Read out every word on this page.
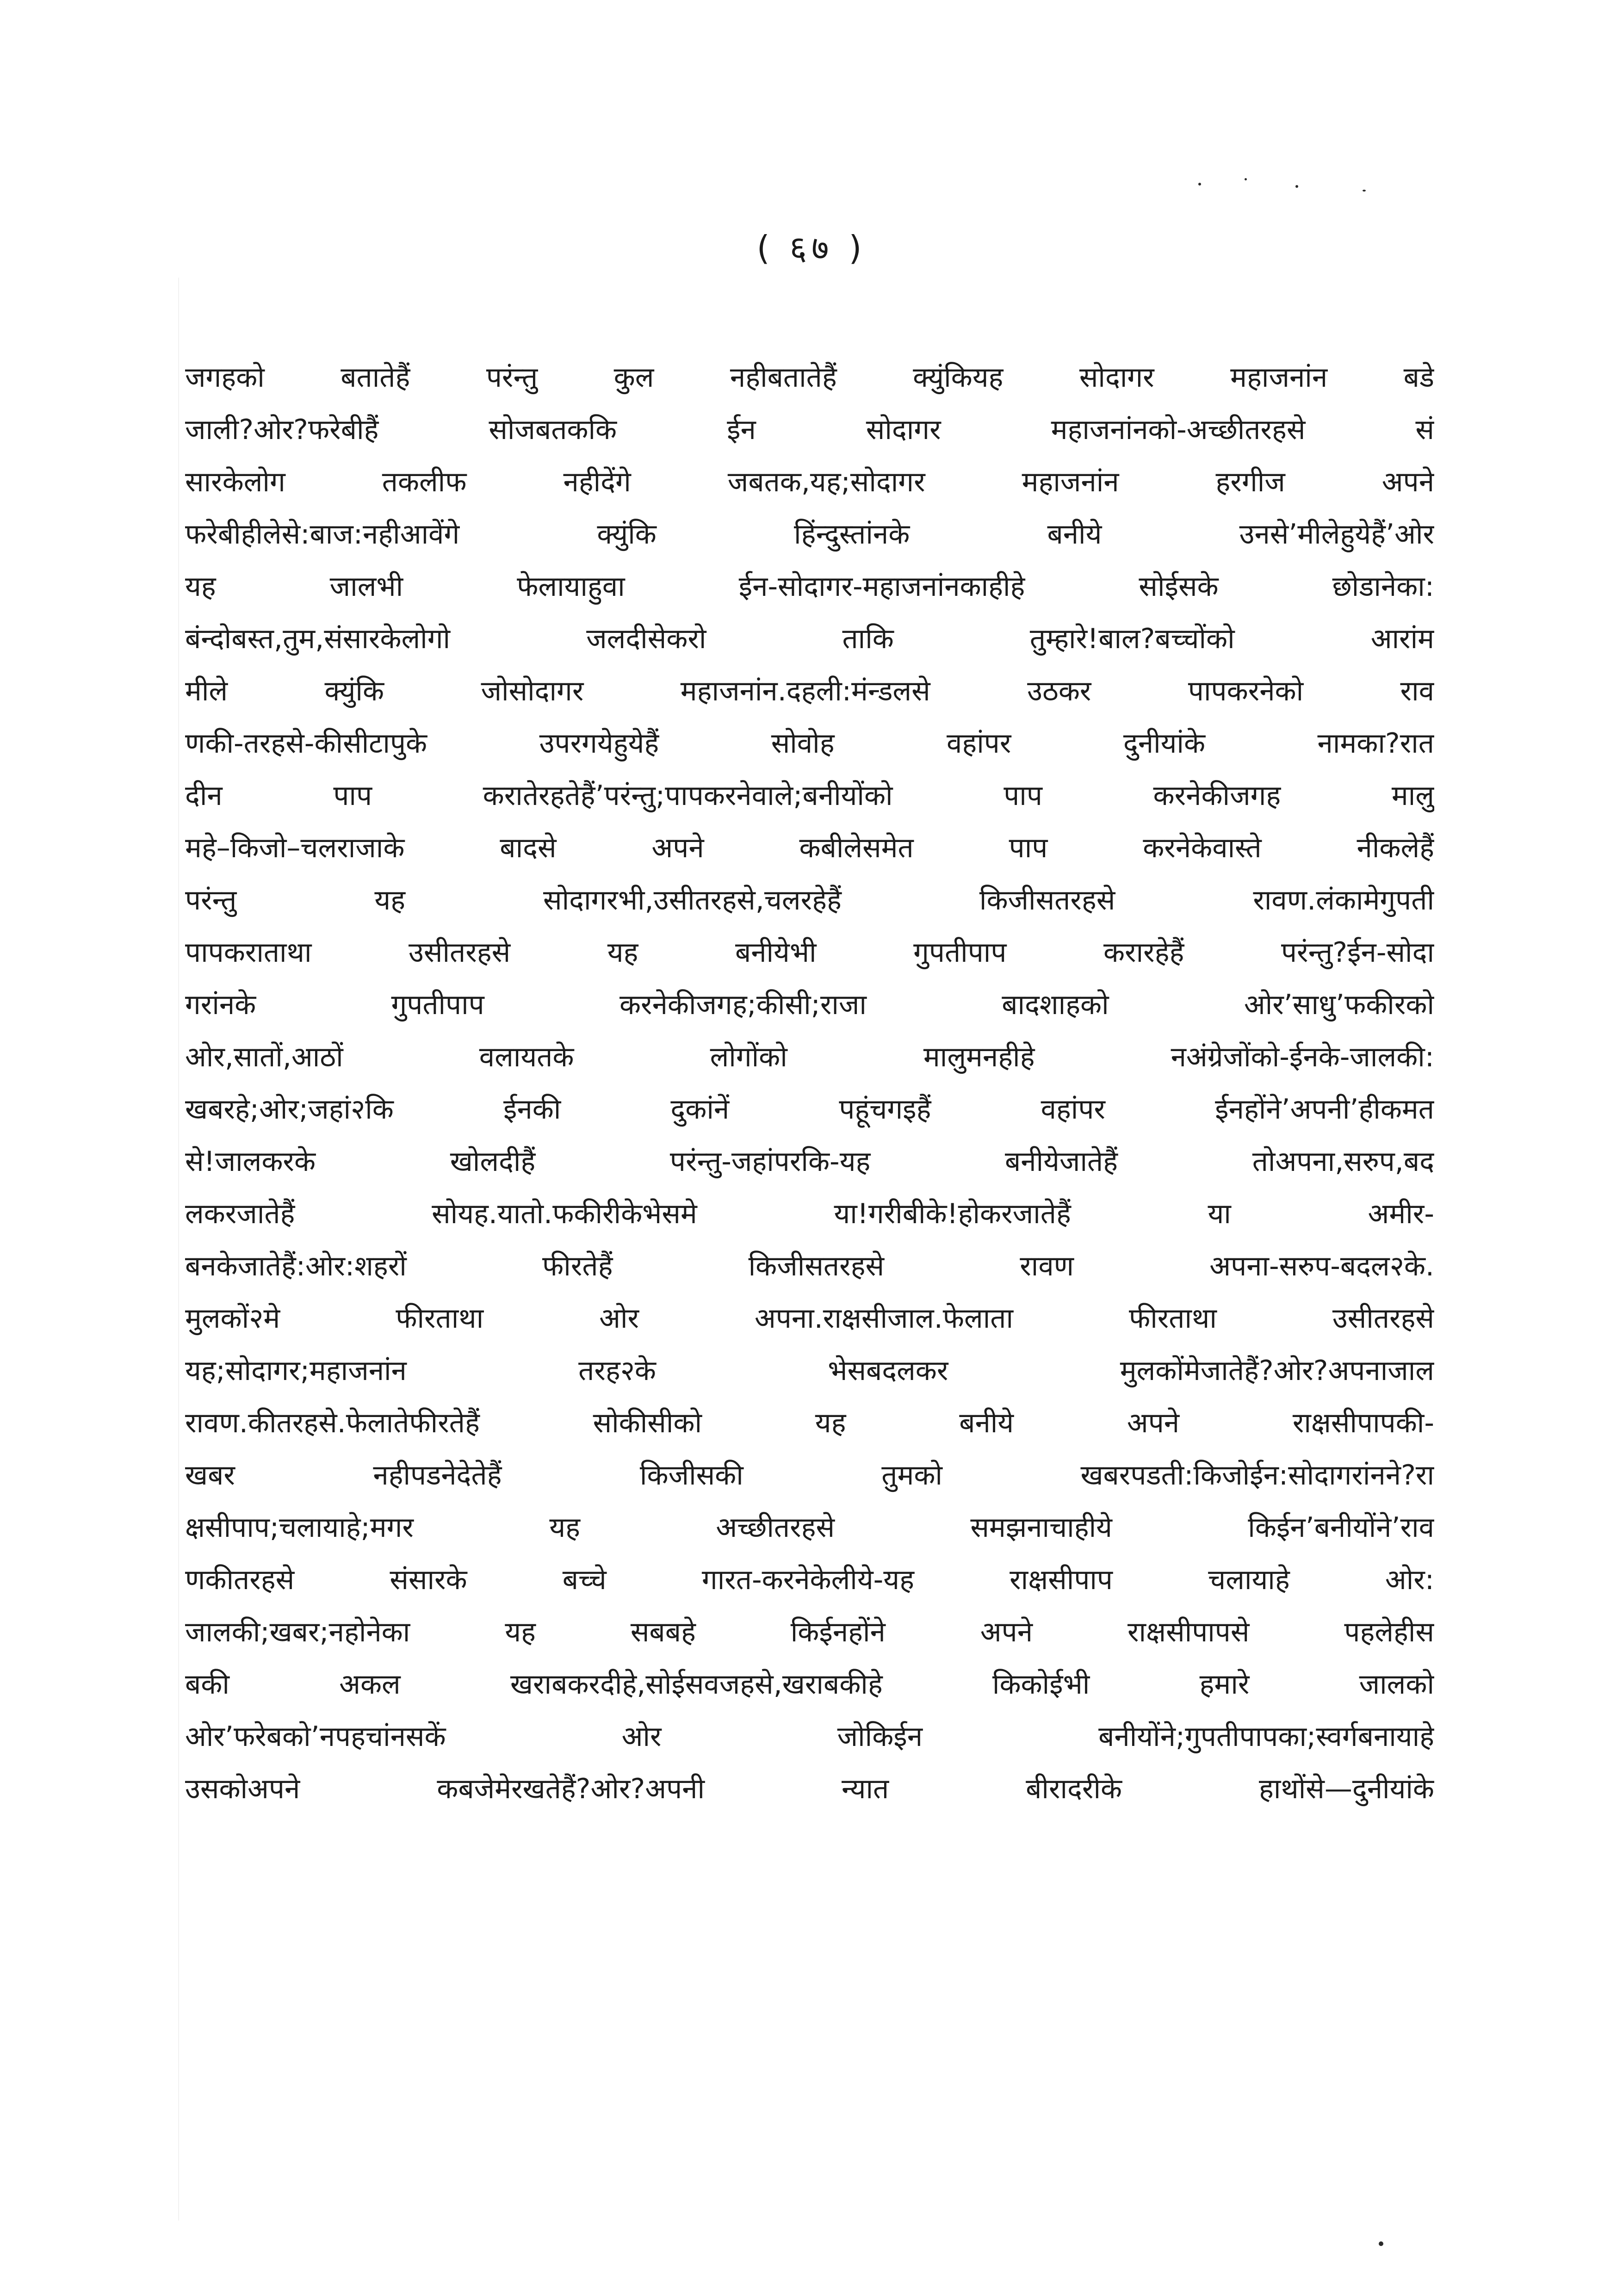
( ६७ )
जगहको बतातेहैं परंन्तु कुल नहीबतातेहैं क्युंकियह सोदागर महाजनांन बडे
जाली?ओर?फरेबीहैं सोजबतककि ईन सोदागर महाजनांनको-अच्छीतरहसे सं
सारकेलोग तकलीफ नहीदेंगे जबतक,यह;सोदागर महाजनांन हरगीज अपने
फरेबीहीलेसे:बाज:नहीआवेंगे क्युंकि हिंन्दुस्तांनके बनीये उनसे’मीलेहुयेहैं’ओर
यह जालभी फेलायाहुवा ईन-सोदागर-महाजनांनकाहीहे सोईसके छोडानेका:
बंन्दोबस्त,तुम,संसारकेलोगो जलदीसेकरो ताकि तुम्हारे!बाल?बच्चोंको आरांम
मीले क्युंकि जोसोदागर महाजनांन.दहली:मंन्डलसे उठकर पापकरनेको राव
णकी-तरहसे-कीसीटापुके उपरगयेहुयेहैं सोवोह वहांपर दुनीयांके नामका?रात
दीन पाप करातेरहतेहैं’परंन्तु;पापकरनेवाले;बनीयोंको पाप करनेकीजगह मालु
महे–किजो–चलराजाके बादसे अपने कबीलेसमेत पाप करनेकेवास्ते नीकलेहैं
परंन्तु यह सोदागरभी,उसीतरहसे,चलरहेहैं किजीसतरहसे रावण.लंकामेगुपती
पापकराताथा उसीतरहसे यह बनीयेभी गुपतीपाप करारहेहैं परंन्तु?ईन-सोदा
गरांनके गुपतीपाप करनेकीजगह;कीसी;राजा बादशाहको ओर’साधु’फकीरको
ओर,सातों,आठों वलायतके लोगोंको मालुमनहीहे नअंग्रेजोंको-ईनके-जालकी:
खबरहे;ओर;जहां२कि ईनकी दुकांनें पहूंचगइहैं वहांपर ईनहोंने’अपनी’हीकमत
से!जालकरके खोलदीहैं परंन्तु-जहांपरकि-यह बनीयेजातेहैं तोअपना,सरुप,बद
लकरजातेहैं सोयह.यातो.फकीरीकेभेसमे या!गरीबीके!होकरजातेहैं या अमीर-
बनकेजातेहैं:ओर:शहरों फीरतेहैं किजीसतरहसे रावण अपना-सरुप-बदल२के.
मुलकों२मे फीरताथा ओर अपना.राक्षसीजाल.फेलाता फीरताथा उसीतरहसे
यह;सोदागर;महाजनांन तरह२के भेसबदलकर मुलकोंमेजातेहैं?ओर?अपनाजाल
रावण.कीतरहसे.फेलातेफीरतेहैं सोकीसीको यह बनीये अपने राक्षसीपापकी-
खबर नहीपडनेदेतेहैं किजीसकी तुमको खबरपडती:किजोईन:सोदागरांनने?रा
क्षसीपाप;चलायाहे;मगर यह अच्छीतरहसे समझनाचाहीये किईन’बनीयोंने’राव
णकीतरहसे संसारके बच्चे गारत-करनेकेलीये-यह राक्षसीपाप चलायाहे ओर:
जालकी;खबर;नहोनेका यह सबबहे किईनहोंने अपने राक्षसीपापसे पहलेहीस
बकी अकल खराबकरदीहे,सोईसवजहसे,खराबकीहे किकोईभी हमारे जालको
ओर’फरेबको’नपहचांनसकें ओर जोकिईन बनीयोंने;गुपतीपापका;स्वर्गबनायाहे
उसकोअपने कबजेमेरखतेहैं?ओर?अपनी न्यात बीरादरीके हाथोंसे—दुनीयांके
